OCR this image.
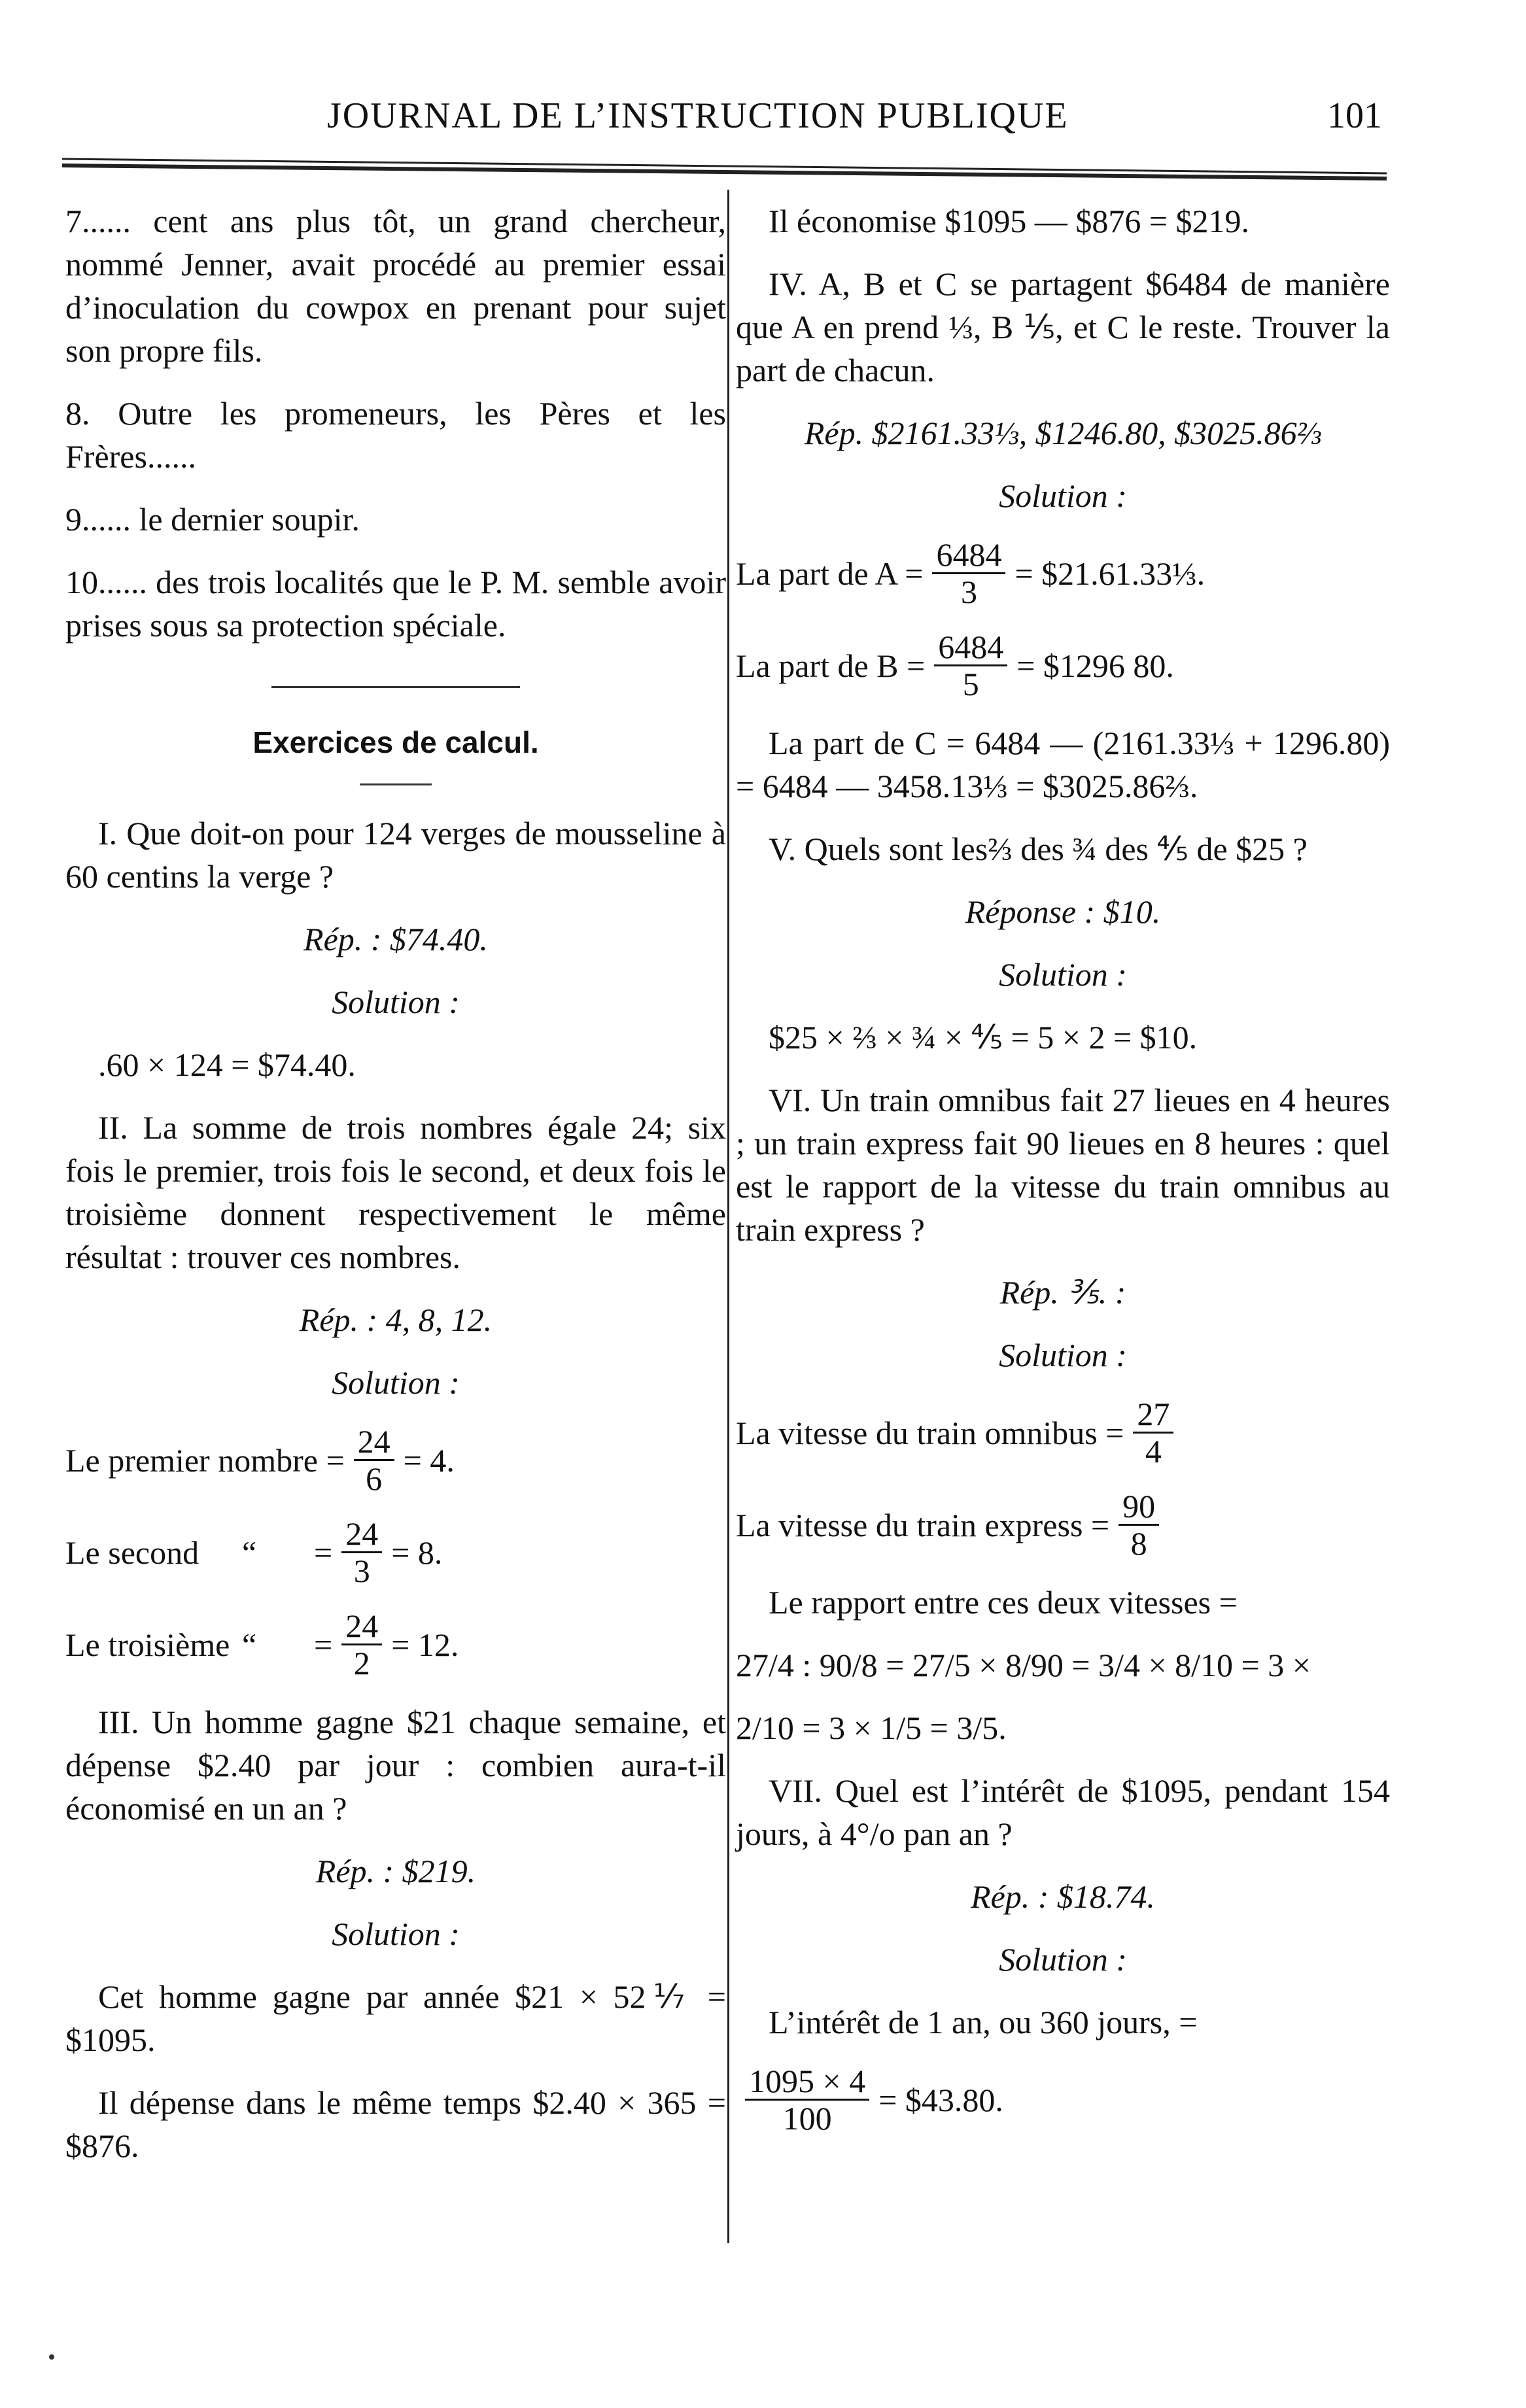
JOURNAL DE L’INSTRUCTION PUBLIQUE	101

7...... cent ans plus tôt, un grand chercheur, nommé Jenner, avait procédé au premier essai d’inoculation du cowpox en prenant pour sujet son propre fils.

8. Outre les promeneurs, les Pères et les Frères......

9...... le dernier soupir.

10...... des trois localités que le P. M. semble avoir prises sous sa protection spéciale.

Exercices de calcul.

I. Que doit-on pour 124 verges de mousseline à 60 centins la verge ?

Rép. : $74.40.

Solution :

.60 × 124 = $74.40.

II. La somme de trois nombres égale 24; six fois le premier, trois fois le second, et deux fois le troisième donnent respectivement le même résultat : trouver ces nombres.

Rép. : 4, 8, 12.

Solution :

Le premier nombre = $\frac{24}{6} = 4$.
Le second	“	= $\frac{24}{3} = 8$.
Le troisième “	= $\frac{24}{2} = 12$.

III. Un homme gagne $21 chaque semaine, et dépense $2.40 par jour : combien aura-t-il économisé en un an ?

Rép. : $219.

Solution :

Cet homme gagne par année $21 × 52⅐ = $1095.

Il dépense dans le même temps $2.40 × 365 = $876.

Il économise $1095 — $876 = $219.

IV. A, B et C se partagent $6484 de manière que A en prend ⅓, B ⅕, et C le reste. Trouver la part de chacun.

Rép. $2161.33⅓, $1246.80, $3025.86⅔

Solution :

La part de $A = \frac{6484}{3}$ = $21.61.33⅓.
La part de $B = \frac{6484}{5}$ = $1296 80.

La part de C = 6484 — (2161.33⅓ + 1296.80) = 6484 — 3458.13⅓ = $3025.86⅔.

V. Quels sont les⅔ des ¾ des ⅘ de $25 ?

Réponse : $10.

Solution :

$25 × ⅔ × ¾ × ⅘ = 5 × 2 = $10.

VI. Un train omnibus fait 27 lieues en 4 heures ; un train express fait 90 lieues en 8 heures : quel est le rapport de la vitesse du train omnibus au train express ?

Rép. ⅗. :

Solution :

La vitesse du train omnibus = $\frac{27}{4}$
La vitesse du train express = $\frac{90}{8}$

Le rapport entre ces deux vitesses =

27/4 : 90/8 = 27/5 × 8/90 = 3/4 × 8/10 = 3 ×

2/10 = 3 × 1/5 = 3/5.

VII. Quel est l’intérêt de $1095, pendant 154 jours, à 4°/o pan an ?

Rép. : $18.74.

Solution :

L’intérêt de 1 an, ou 360 jours, =

$\frac{1095 \times 4}{100}$ = $43.80.
